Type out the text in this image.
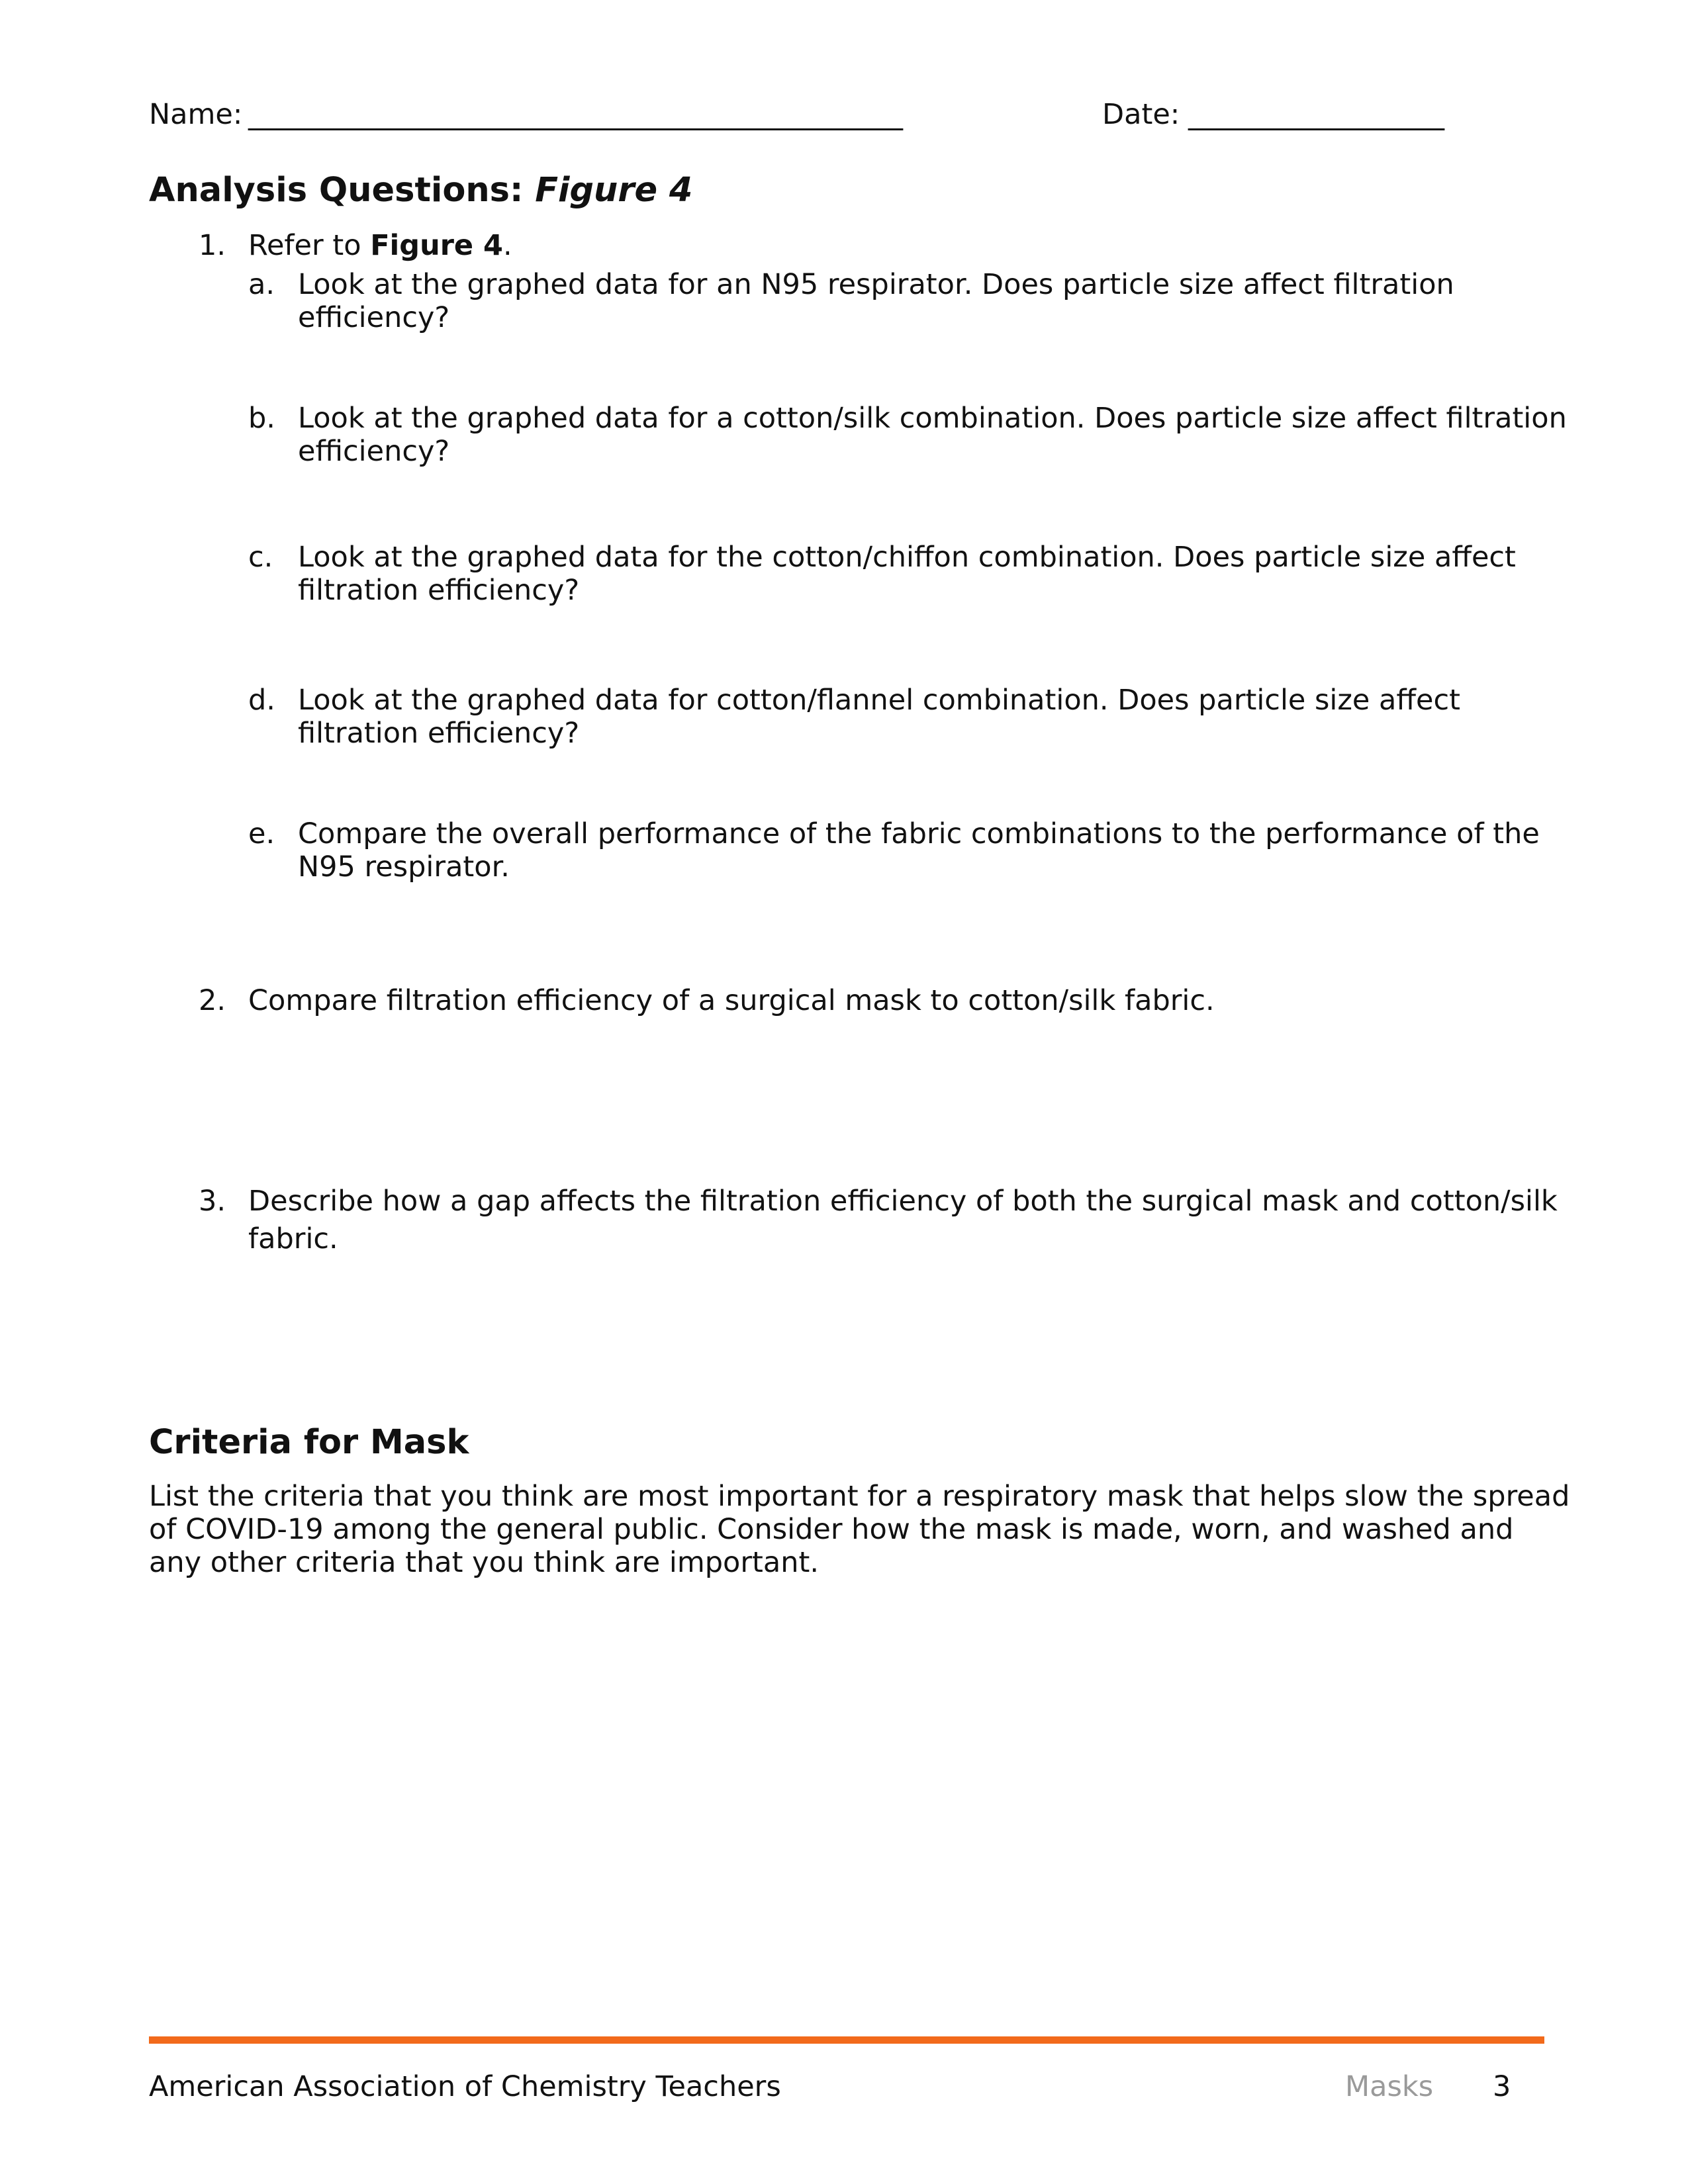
Name: ______________________________________________	Date: __________________
Analysis Questions: Figure 4
1. Refer to Figure 4.
a. Look at the graphed data for an N95 respirator. Does particle size affect filtration
efficiency?
b. Look at the graphed data for a cotton/silk combination. Does particle size affect filtration
efficiency?
c. Look at the graphed data for the cotton/chiffon combination. Does particle size affect
filtration efficiency?
d. Look at the graphed data for cotton/flannel combination. Does particle size affect
filtration efficiency?
e. Compare the overall performance of the fabric combinations to the performance of the
N95 respirator.
2. Compare filtration efficiency of a surgical mask to cotton/silk fabric.
3. Describe how a gap affects the filtration efficiency of both the surgical mask and cotton/silk
fabric.
Criteria for Mask
List the criteria that you think are most important for a respiratory mask that helps slow the spread
of COVID-19 among the general public. Consider how the mask is made, worn, and washed and
any other criteria that you think are important.
American Association of Chemistry Teachers	Masks 3
